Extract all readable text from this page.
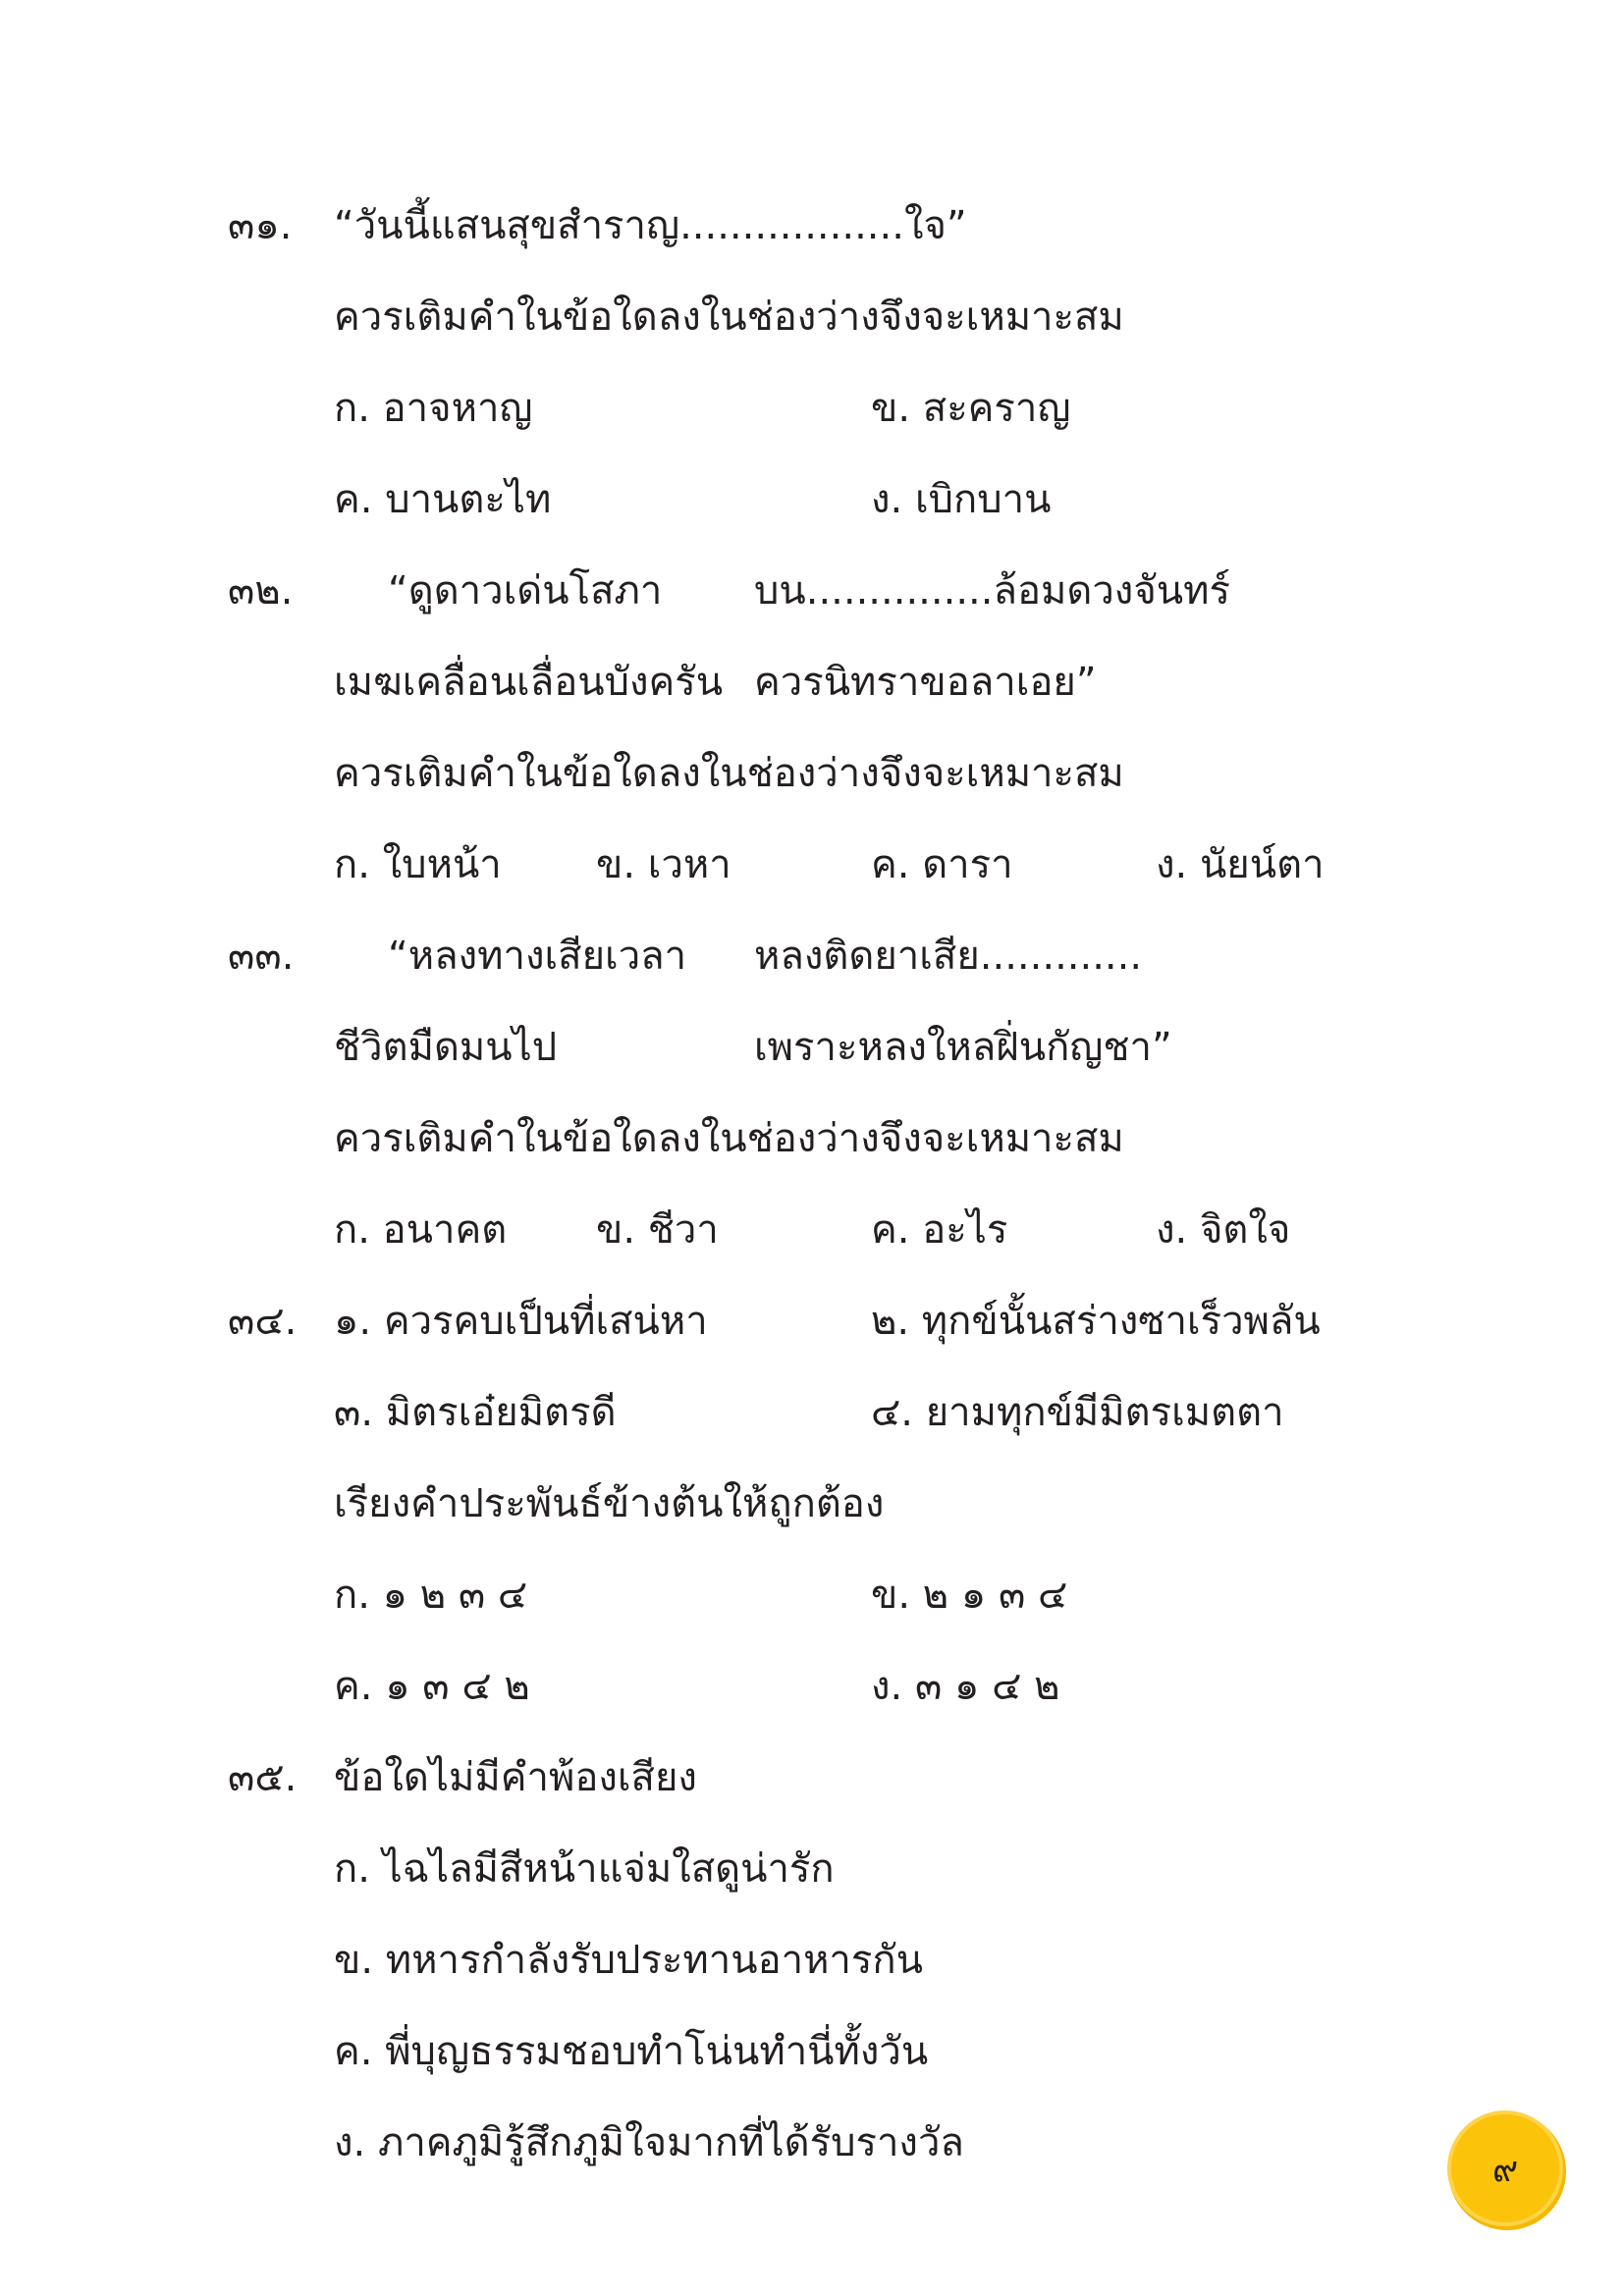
๓๑. “วันนี้แสนสุขสำราญ..................ใจ”
ควรเติมคำในข้อใดลงในช่องว่างจึงจะเหมาะสม
ก. อาจหาญ	ข. สะคราญ
ค. บานตะไท	ง. เบิกบาน
๓๒. “ดูดาวเด่นโสภา บน...............ล้อมดวงจันทร์
เมฆเคลื่อนเลื่อนบังครัน ควรนิทราขอลาเอย”
ควรเติมคำในข้อใดลงในช่องว่างจึงจะเหมาะสม
ก. ใบหน้า ข. เวหา	ค. ดารา	ง. นัยน์ตา
๓๓. “หลงทางเสียเวลา หลงติดยาเสีย.............
ชีวิตมืดมนไป	เพราะหลงใหลฝิ่นกัญชา”
ควรเติมคำในข้อใดลงในช่องว่างจึงจะเหมาะสม
ก. อนาคต ข. ชีวา	ค. อะไร	ง. จิตใจ
๓๔. ๑. ควรคบเป็นที่เสน่หา	๒. ทุกข์นั้นสร่างซาเร็วพลัน
๓. มิตรเอ๋ยมิตรดี	๔. ยามทุกข์มีมิตรเมตตา
เรียงคำประพันธ์ข้างต้นให้ถูกต้อง
ก. ๑ ๒ ๓ ๔	ข. ๒ ๑ ๓ ๔
ค. ๑ ๓ ๔ ๒	ง. ๓ ๑ ๔ ๒
๓๕. ข้อใดไม่มีคำพ้องเสียง
ก. ไฉไลมีสีหน้าแจ่มใสดูน่ารัก
ข. ทหารกำลังรับประทานอาหารกัน
ค. พี่บุญธรรมชอบทำโน่นทำนี่ทั้งวัน
ง. ภาคภูมิรู้สึกภูมิใจมากที่ได้รับรางวัล
๙
